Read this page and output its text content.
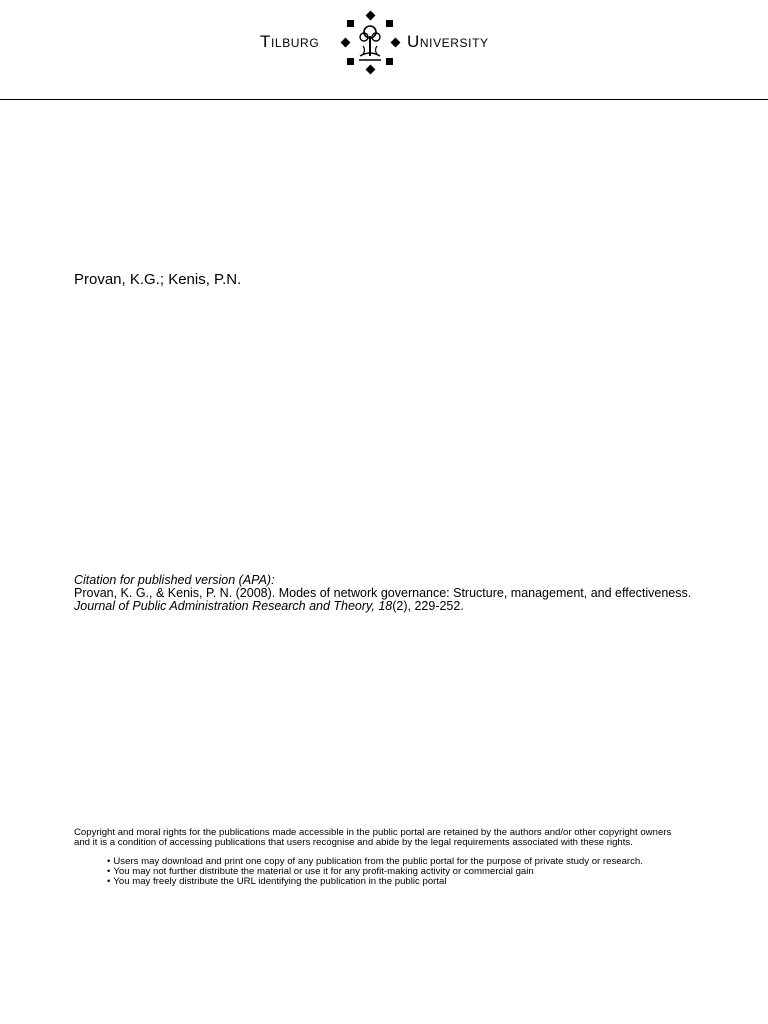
Tilburg	University
Provan, K.G.; Kenis, P.N.
Citation for published version (APA):
Provan, K. G., & Kenis, P. N. (2008). Modes of network governance: Structure, management, and effectiveness.
Journal of Public Administration Research and Theory, 18(2), 229-252.
Copyright and moral rights for the publications made accessible in the public portal are retained by the authors and/or other copyright owners
and it is a condition of accessing publications that users recognise and abide by the legal requirements associated with these rights.
• Users may download and print one copy of any publication from the public portal for the purpose of private study or research.
• You may not further distribute the material or use it for any profit-making activity or commercial gain
• You may freely distribute the URL identifying the publication in the public portal
